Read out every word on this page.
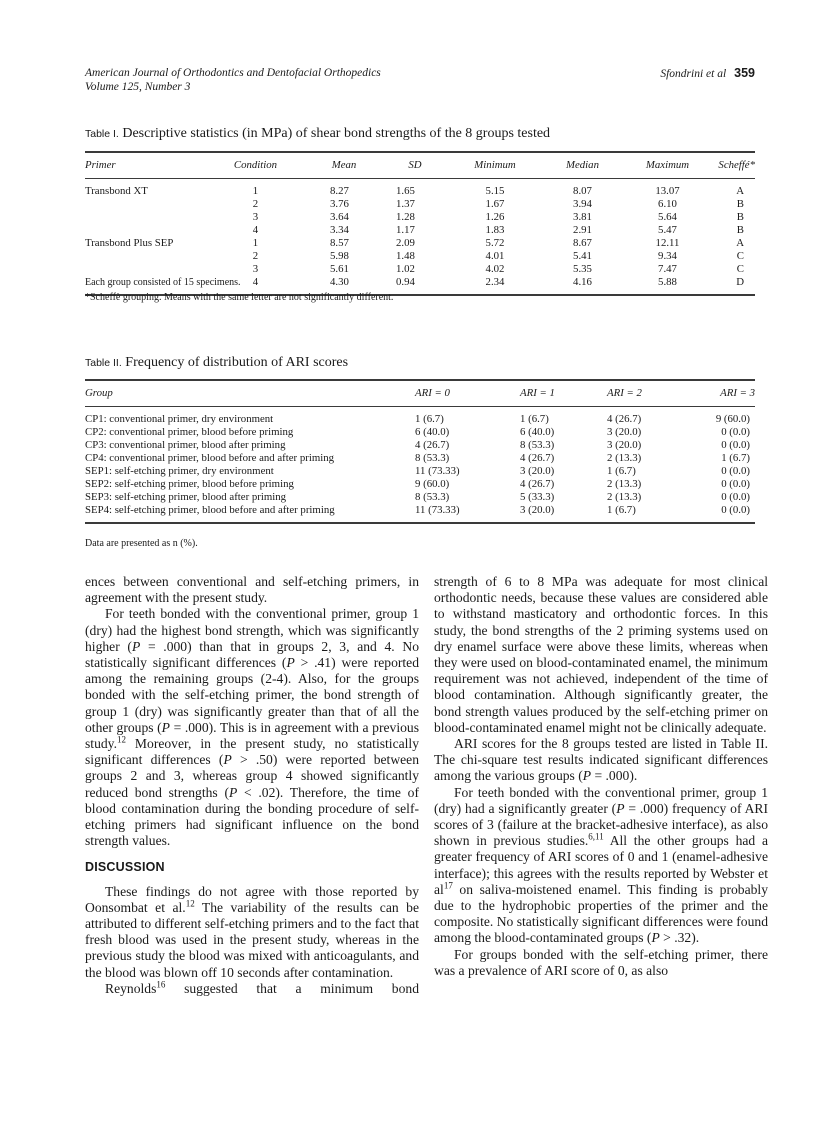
American Journal of Orthodontics and Dentofacial Orthopedics
Volume 125, Number 3
Sfondrini et al 359
Table I. Descriptive statistics (in MPa) of shear bond strengths of the 8 groups tested
Primer	Condition	Mean	SD	Minimum	Median	Maximum	Scheffé*
Transbond XT	1	8.27	1.65	5.15	8.07	13.07	A
	2	3.76	1.37	1.67	3.94	6.10	B
	3	3.64	1.28	1.26	3.81	5.64	B
	4	3.34	1.17	1.83	2.91	5.47	B
Transbond Plus SEP	1	8.57	2.09	5.72	8.67	12.11	A
	2	5.98	1.48	4.01	5.41	9.34	C
	3	5.61	1.02	4.02	5.35	7.47	C
	4	4.30	0.94	2.34	4.16	5.88	D
Each group consisted of 15 specimens.
*Scheffè grouping. Means with the same letter are not significantly different.
Table II. Frequency of distribution of ARI scores
Group	ARI = 0	ARI = 1	ARI = 2	ARI = 3
CP1: conventional primer, dry environment	1 (6.7)	1 (6.7)	4 (26.7)	9 (60.0)
CP2: conventional primer, blood before priming	6 (40.0)	6 (40.0)	3 (20.0)	0 (0.0)
CP3: conventional primer, blood after priming	4 (26.7)	8 (53.3)	3 (20.0)	0 (0.0)
CP4: conventional primer, blood before and after priming	8 (53.3)	4 (26.7)	2 (13.3)	1 (6.7)
SEP1: self-etching primer, dry environment	11 (73.33)	3 (20.0)	1 (6.7)	0 (0.0)
SEP2: self-etching primer, blood before priming	9 (60.0)	4 (26.7)	2 (13.3)	0 (0.0)
SEP3: self-etching primer, blood after priming	8 (53.3)	5 (33.3)	2 (13.3)	0 (0.0)
SEP4: self-etching primer, blood before and after priming	11 (73.33)	3 (20.0)	1 (6.7)	0 (0.0)
Data are presented as n (%).

ences between conventional and self-etching primers, in agreement with the present study.

For teeth bonded with the conventional primer, group 1 (dry) had the highest bond strength, which was significantly higher (P = .000) than that in groups 2, 3, and 4. No statistically significant differences (P > .41) were reported among the remaining groups (2-4). Also, for the groups bonded with the self-etching primer, the bond strength of group 1 (dry) was significantly greater than that of all the other groups (P = .000). This is in agreement with a previous study.$^{12}$ Moreover, in the present study, no statistically significant differences (P > .50) were reported between groups 2 and 3, whereas group 4 showed significantly reduced bond strengths (P < .02). Therefore, the time of blood contamination during the bonding procedure of self-etching primers had significant influence on the bond strength values.

DISCUSSION

These findings do not agree with those reported by Oonsombat et al.$^{12}$ The variability of the results can be attributed to different self-etching primers and to the fact that fresh blood was used in the present study, whereas in the previous study the blood was mixed with anticoagulants, and the blood was blown off 10 seconds after contamination.

Reynolds$^{16}$ suggested that a minimum bond

strength of 6 to 8 MPa was adequate for most clinical orthodontic needs, because these values are considered able to withstand masticatory and orthodontic forces. In this study, the bond strengths of the 2 priming systems used on dry enamel surface were above these limits, whereas when they were used on blood-contaminated enamel, the minimum requirement was not achieved, independent of the time of blood contamination. Although significantly greater, the bond strength values produced by the self-etching primer on blood-contaminated enamel might not be clinically adequate.

ARI scores for the 8 groups tested are listed in Table II. The chi-square test results indicated significant differences among the various groups (P = .000).

For teeth bonded with the conventional primer, group 1 (dry) had a significantly greater (P = .000) frequency of ARI scores of 3 (failure at the bracket-adhesive interface), as also shown in previous studies.$^{6,11}$ All the other groups had a greater frequency of ARI scores of 0 and 1 (enamel-adhesive interface); this agrees with the results reported by Webster et $al^{17}$ on saliva-moistened enamel. This finding is probably due to the hydrophobic properties of the primer and the composite. No statistically significant differences were found among the blood-contaminated groups (P > .32).

For groups bonded with the self-etching primer, there was a prevalence of ARI score of 0, as also
